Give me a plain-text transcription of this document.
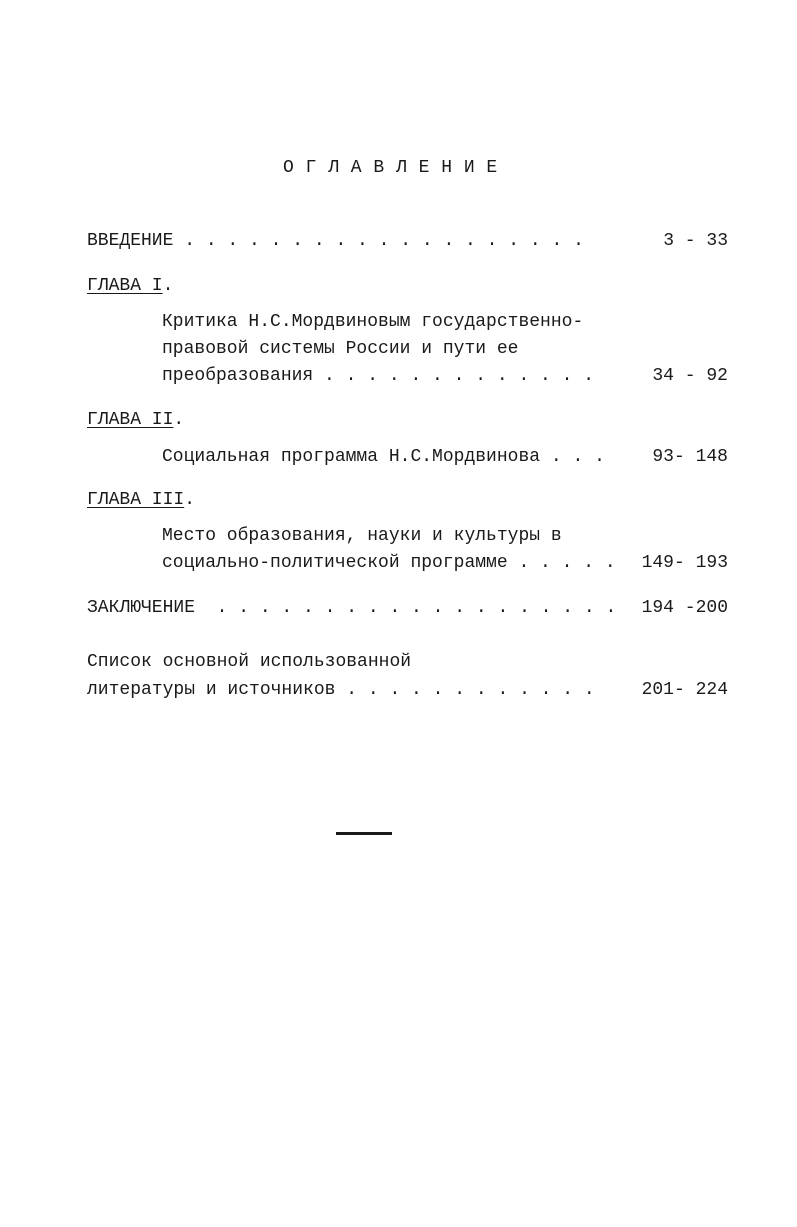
О Г Л А В Л Е Н И Е
ВВЕДЕНИЕ . . . . . . . . . . . . . . . . . . .	3 - 33
ГЛАВА I.
Критика Н.С.Мордвиновым государственно-
правовой системы России и пути ее
преобразования . . . . . . . . . . . . .	34 - 92
ГЛАВА II.
Социальная программа Н.С.Мордвинова . . .	93- 148
ГЛАВА III.
Место образования, науки и культуры в
социально-политической программе . . . . . 149- 193
ЗАКЛЮЧЕНИЕ  . . . . . . . . . . . . . . . . . . . 194 -200
Список основной использованной
литературы и источников . . . . . . . . . . . .	201- 224
